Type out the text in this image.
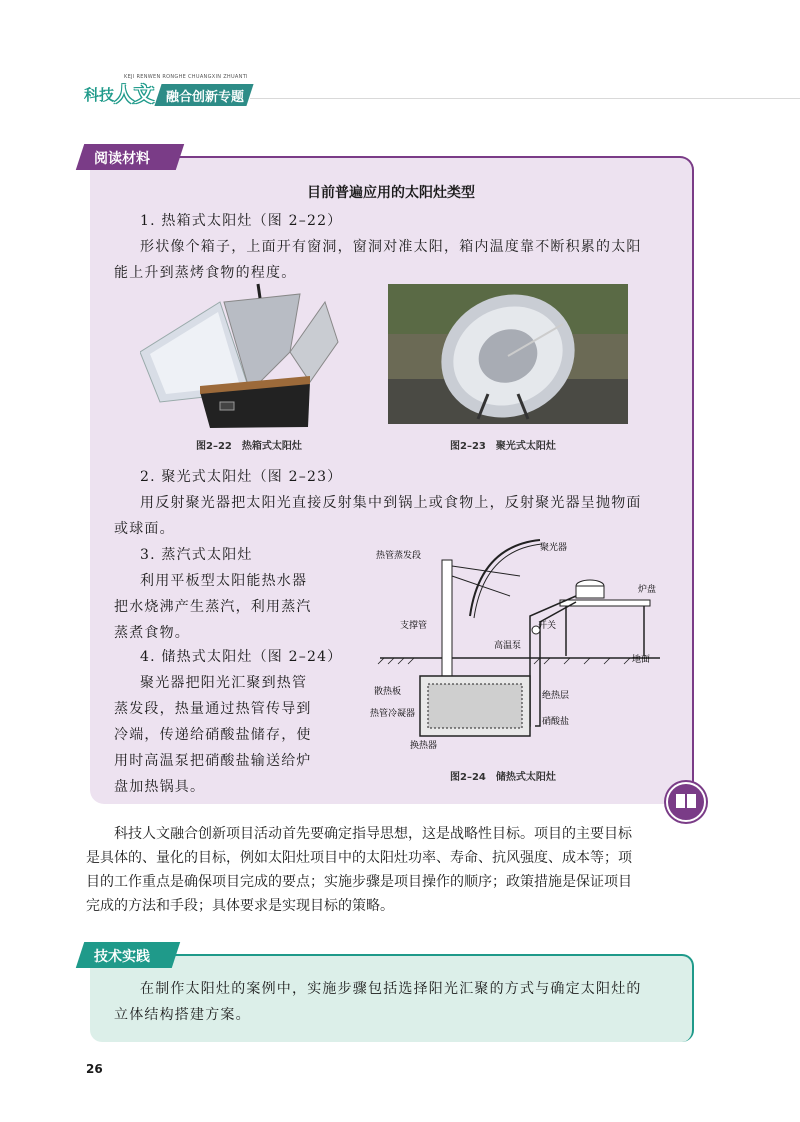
KEJI RENWEN RONGHE CHUANGXIN ZHUANTI
科技 人文 融合创新专题
阅读材料
目前普遍应用的太阳灶类型
1. 热箱式太阳灶（图 2–22）
形状像个箱子，上面开有窗洞，窗洞对准太阳，箱内温度靠不断积累的太阳
能上升到蒸烤食物的程度。
图2–22　热箱式太阳灶	图2–23　聚光式太阳灶
2. 聚光式太阳灶（图 2–23）
用反射聚光器把太阳光直接反射集中到锅上或食物上，反射聚光器呈抛物面
或球面。
3. 蒸汽式太阳灶
利用平板型太阳能热水器
把水烧沸产生蒸汽，利用蒸汽
蒸煮食物。
4. 储热式太阳灶（图 2–24）
聚光器把阳光汇聚到热管
蒸发段，热量通过热管传导到
冷端，传递给硝酸盐储存，使
用时高温泵把硝酸盐输送给炉
盘加热锅具。
热管蒸发段
聚光器
炉盘
支撑管	开关
高温泵
地面
散热板
热管冷凝器
绝热层
硝酸盐
换热器
图2–24　储热式太阳灶
科技人文融合创新项目活动首先要确定指导思想，这是战略性目标。项目的主要目标
是具体的、量化的目标，例如太阳灶项目中的太阳灶功率、寿命、抗风强度、成本等；项
目的工作重点是确保项目完成的要点；实施步骤是项目操作的顺序；政策措施是保证项目
完成的方法和手段；具体要求是实现目标的策略。
技术实践
在制作太阳灶的案例中，实施步骤包括选择阳光汇聚的方式与确定太阳灶的
立体结构搭建方案。
26
